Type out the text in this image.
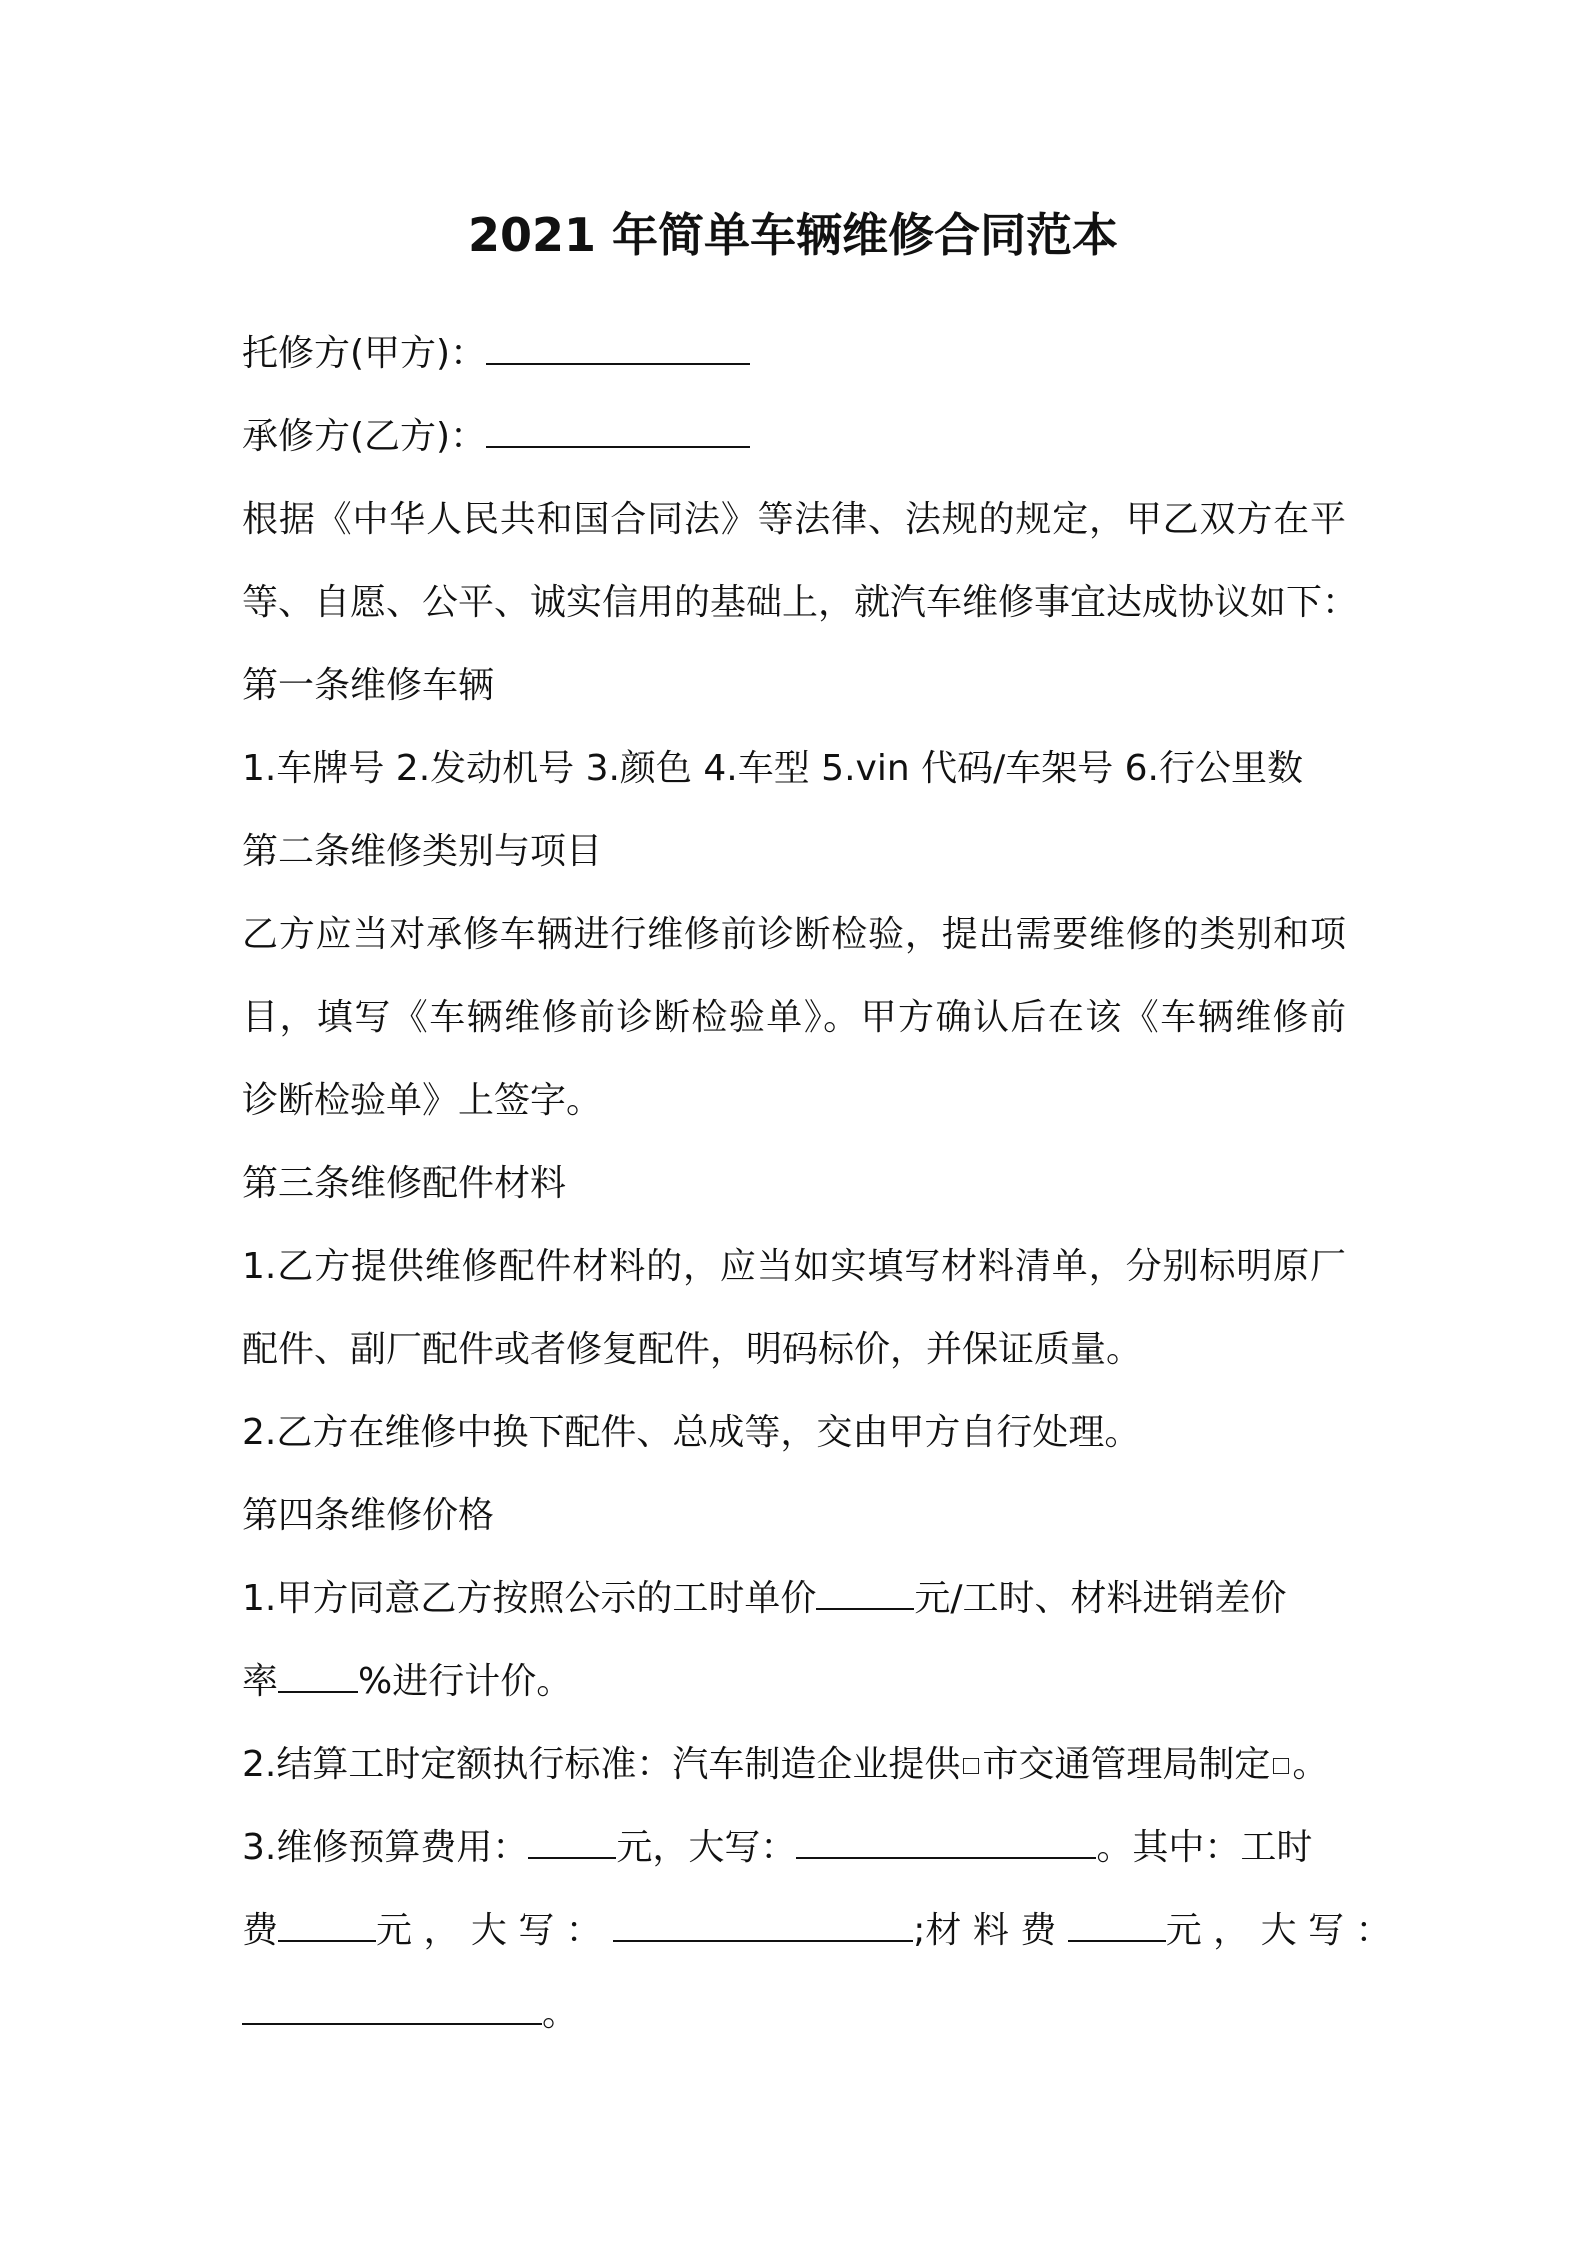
2021 年简单车辆维修合同范本
托修方(甲方)：
承修方(乙方)：
根据《中华人民共和国合同法》等法律、法规的规定，甲乙双方在平
等、自愿、公平、诚实信用的基础上，就汽车维修事宜达成协议如下：
第一条维修车辆
1.车牌号 2.发动机号 3.颜色 4.车型 5.vin 代码/车架号 6.行公里数
第二条维修类别与项目
乙方应当对承修车辆进行维修前诊断检验，提出需要维修的类别和项
目，填写《车辆维修前诊断检验单》。甲方确认后在该《车辆维修前
诊断检验单》上签字。
第三条维修配件材料
1.乙方提供维修配件材料的，应当如实填写材料清单，分别标明原厂
配件、副厂配件或者修复配件，明码标价，并保证质量。
2.乙方在维修中换下配件、总成等，交由甲方自行处理。
第四条维修价格
1.甲方同意乙方按照公示的工时单价	元/工时、材料进销差价
率 %进行计价。
2.结算工时定额执行标准：汽车制造企业提供 市交通管理局制定 。
3.维修预算费用： 元，大写：	。其中：工时
费	元 ， 大 写 ：	;材 料 费	元 ， 大 写 ：
。
